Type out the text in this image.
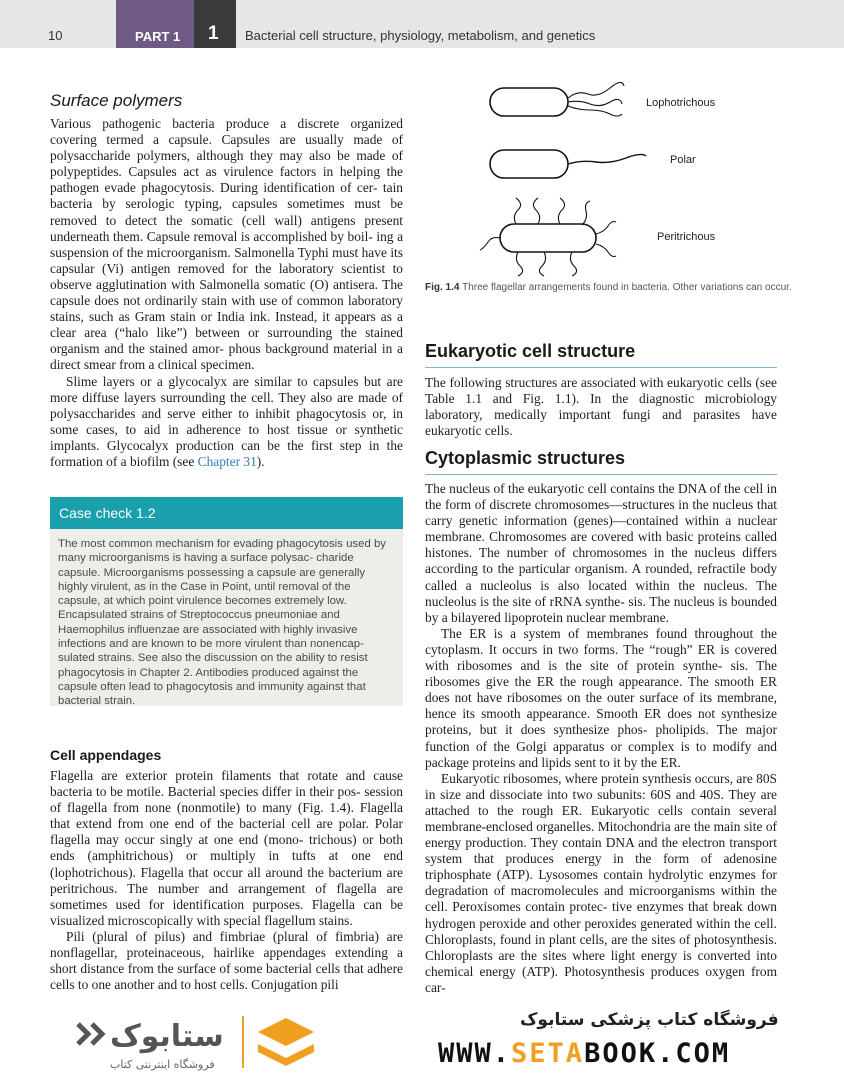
10	PART 1	1	Bacterial cell structure, physiology, metabolism, and genetics
Surface polymers

Various pathogenic bacteria produce a discrete organized covering termed a capsule. Capsules are usually made of polysaccharide polymers, although they may also be made of polypeptides. Capsules act as virulence factors in helping the pathogen evade phagocytosis. During identification of cer- tain bacteria by serologic typing, capsules sometimes must be removed to detect the somatic (cell wall) antigens present underneath them. Capsule removal is accomplished by boil- ing a suspension of the microorganism. Salmonella Typhi must have its capsular (Vi) antigen removed for the laboratory scientist to observe agglutination with Salmonella somatic (O) antisera. The capsule does not ordinarily stain with use of common laboratory stains, such as Gram stain or India ink. Instead, it appears as a clear area (“halo like”) between or surrounding the stained organism and the stained amor- phous background material in a direct smear from a clinical specimen.

Slime layers or a glycocalyx are similar to capsules but are more diffuse layers surrounding the cell. They also are made of polysaccharides and serve either to inhibit phagocytosis or, in some cases, to aid in adherence to host tissue or synthetic implants. Glycocalyx production can be the first step in the formation of a biofilm (see Chapter 31).

Case check 1.2
The most common mechanism for evading phagocytosis used by many microorganisms is having a surface polysac- charide capsule. Microorganisms possessing a capsule are generally highly virulent, as in the Case in Point, until removal of the capsule, at which point virulence becomes extremely low. Encapsulated strains of Streptococcus pneumoniae and Haemophilus influenzae are associated with highly invasive infections and are known to be more virulent than nonencap- sulated strains. See also the discussion on the ability to resist phagocytosis in Chapter 2. Antibodies produced against the capsule often lead to phagocytosis and immunity against that bacterial strain.
Cell appendages

Flagella are exterior protein filaments that rotate and cause bacteria to be motile. Bacterial species differ in their pos- session of flagella from none (nonmotile) to many (Fig. 1.4). Flagella that extend from one end of the bacterial cell are polar. Polar flagella may occur singly at one end (mono- trichous) or both ends (amphitrichous) or multiply in tufts at one end (lophotrichous). Flagella that occur all around the bacterium are peritrichous. The number and arrangement of flagella are sometimes used for identification purposes. Flagella can be visualized microscopically with special flagellum stains.

Pili (plural of pilus) and fimbriae (plural of fimbria) are nonflagellar, proteinaceous, hairlike appendages extending a short distance from the surface of some bacterial cells that adhere cells to one another and to host cells. Conjugation pili

Lophotrichous
Polar
Peritrichous
Fig. 1.4 Three flagellar arrangements found in bacteria. Other variations can occur.
Eukaryotic cell structure

The following structures are associated with eukaryotic cells (see Table 1.1 and Fig. 1.1). In the diagnostic microbiology laboratory, medically important fungi and parasites have eukaryotic cells.

Cytoplasmic structures

The nucleus of the eukaryotic cell contains the DNA of the cell in the form of discrete chromosomes—structures in the nucleus that carry genetic information (genes)—contained within a nuclear membrane. Chromosomes are covered with basic proteins called histones. The number of chromosomes in the nucleus differs according to the particular organism. A rounded, refractile body called a nucleolus is also located within the nucleus. The nucleolus is the site of rRNA synthe- sis. The nucleus is bounded by a bilayered lipoprotein nuclear membrane.

The ER is a system of membranes found throughout the cytoplasm. It occurs in two forms. The “rough” ER is covered with ribosomes and is the site of protein synthe- sis. The ribosomes give the ER the rough appearance. The smooth ER does not have ribosomes on the outer surface of its membrane, hence its smooth appearance. Smooth ER does not synthesize proteins, but it does synthesize phos- pholipids. The major function of the Golgi apparatus or complex is to modify and package proteins and lipids sent to it by the ER.

Eukaryotic ribosomes, where protein synthesis occurs, are 80S in size and dissociate into two subunits: 60S and 40S. They are attached to the rough ER. Eukaryotic cells contain several membrane-enclosed organelles. Mitochondria are the main site of energy production. They contain DNA and the electron transport system that produces energy in the form of adenosine triphosphate (ATP). Lysosomes contain hydrolytic enzymes for degradation of macromolecules and microorganisms within the cell. Peroxisomes contain protec- tive enzymes that break down hydrogen peroxide and other peroxides generated within the cell. Chloroplasts, found in plant cells, are the sites of photosynthesis. Chloroplasts are the sites where light energy is converted into chemical energy (ATP). Photosynthesis produces oxygen from car-

ستابوک
فروشگاه اینترنتی کتاب
فروشگاه کتاب پزشکی ستابوک
WWW.SETABOOK.COM
